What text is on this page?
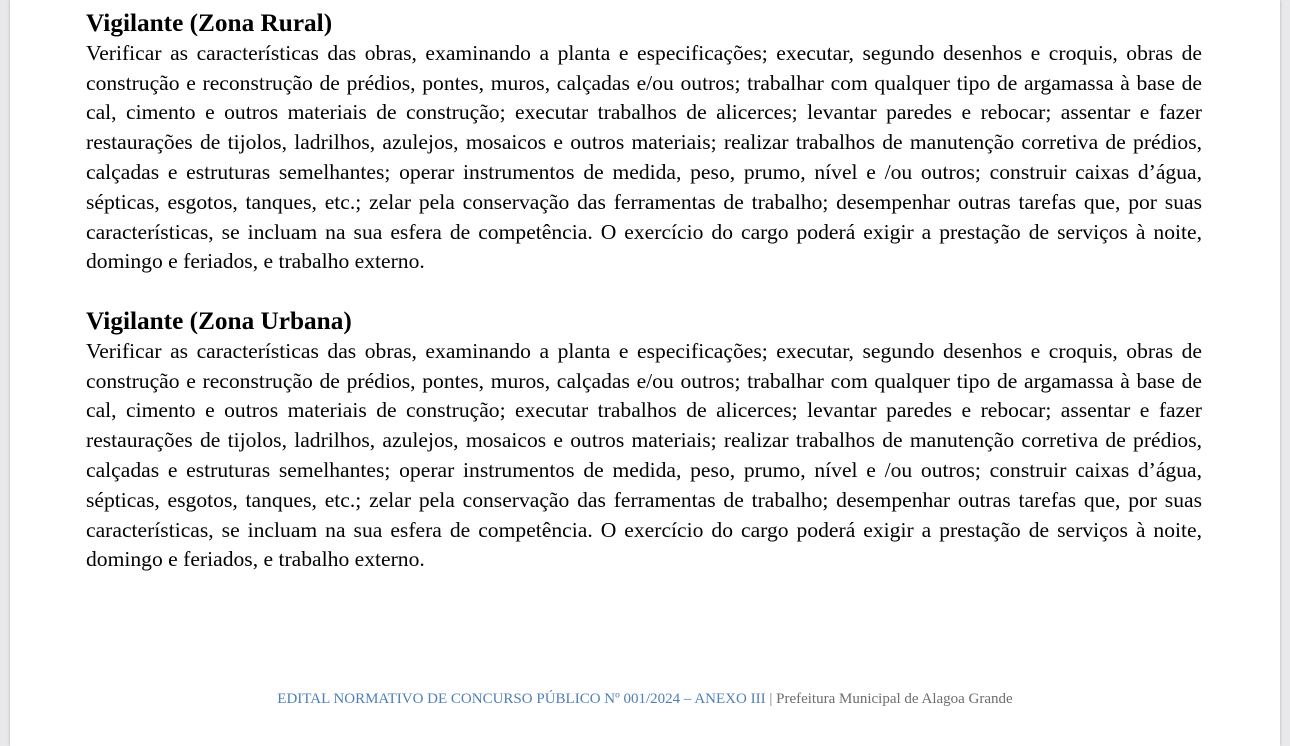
Vigilante (Zona Rural)

Verificar as características das obras, examinando a planta e especificações; executar, segundo desenhos e croquis, obras de construção e reconstrução de prédios, pontes, muros, calçadas e/ou outros; trabalhar com qualquer tipo de argamassa à base de cal, cimento e outros materiais de construção; executar trabalhos de alicerces; levantar paredes e rebocar; assentar e fazer restaurações de tijolos, ladrilhos, azulejos, mosaicos e outros materiais; realizar trabalhos de manutenção corretiva de prédios, calçadas e estruturas semelhantes; operar instrumentos de medida, peso, prumo, nível e /ou outros; construir caixas d’água, sépticas, esgotos, tanques, etc.; zelar pela conservação das ferramentas de trabalho; desempenhar outras tarefas que, por suas características, se incluam na sua esfera de competência. O exercício do cargo poderá exigir a prestação de serviços à noite, domingo e feriados, e trabalho externo.

Vigilante (Zona Urbana)

Verificar as características das obras, examinando a planta e especificações; executar, segundo desenhos e croquis, obras de construção e reconstrução de prédios, pontes, muros, calçadas e/ou outros; trabalhar com qualquer tipo de argamassa à base de cal, cimento e outros materiais de construção; executar trabalhos de alicerces; levantar paredes e rebocar; assentar e fazer restaurações de tijolos, ladrilhos, azulejos, mosaicos e outros materiais; realizar trabalhos de manutenção corretiva de prédios, calçadas e estruturas semelhantes; operar instrumentos de medida, peso, prumo, nível e /ou outros; construir caixas d’água, sépticas, esgotos, tanques, etc.; zelar pela conservação das ferramentas de trabalho; desempenhar outras tarefas que, por suas características, se incluam na sua esfera de competência. O exercício do cargo poderá exigir a prestação de serviços à noite, domingo e feriados, e trabalho externo.

EDITAL NORMATIVO DE CONCURSO PÚBLICO Nº 001/2024 – ANEXO III | Prefeitura Municipal de Alagoa Grande
